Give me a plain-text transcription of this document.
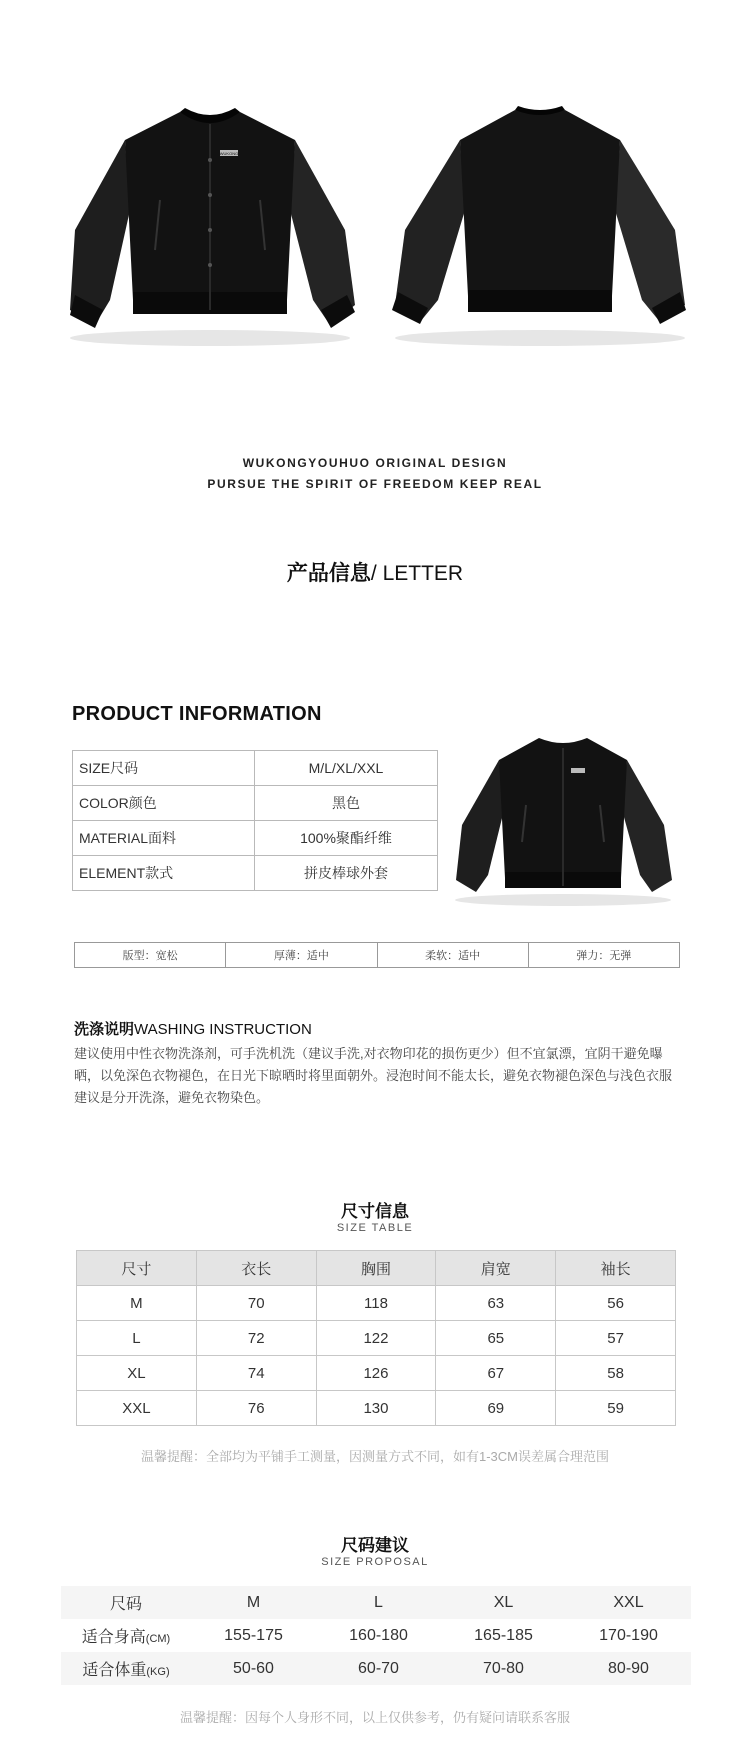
WUKONG
WUKONGYOUHUO ORIGINAL DESIGN
PURSUE THE SPIRIT OF FREEDOM KEEP REAL
产品信息/ LETTER
PRODUCT INFORMATION
SIZE尺码	M/L/XL/XXL
COLOR颜色	黑色
MATERIAL面料	100%聚酯纤维
ELEMENT款式	拼皮棒球外套
版型：宽松	厚薄：适中	柔软：适中	弹力：无弹
洗涤说明WASHING INSTRUCTION
建议使用中性衣物洗涤剂，可手洗机洗（建议手洗,对衣物印花的损伤更少）但不宜氯漂，宜阴干避免曝晒，以免深色衣物褪色，在日光下晾晒时将里面朝外。浸泡时间不能太长，避免衣物褪色深色与浅色衣服建议是分开洗涤，避免衣物染色。
尺寸信息
SIZE TABLE
尺寸	衣长	胸围	肩宽	袖长
M	70	118	63	56
L	72	122	65	57
XL	74	126	67	58
XXL	76	130	69	59
温馨提醒：全部均为平铺手工测量，因测量方式不同，如有1-3CM误差属合理范围
尺码建议
SIZE PROPOSAL
尺码	M	L	XL	XXL
适合身高(CM)	155-175	160-180	165-185	170-190
适合体重(KG)	50-60	60-70	70-80	80-90
温馨提醒：因每个人身形不同，以上仅供参考，仍有疑问请联系客服
